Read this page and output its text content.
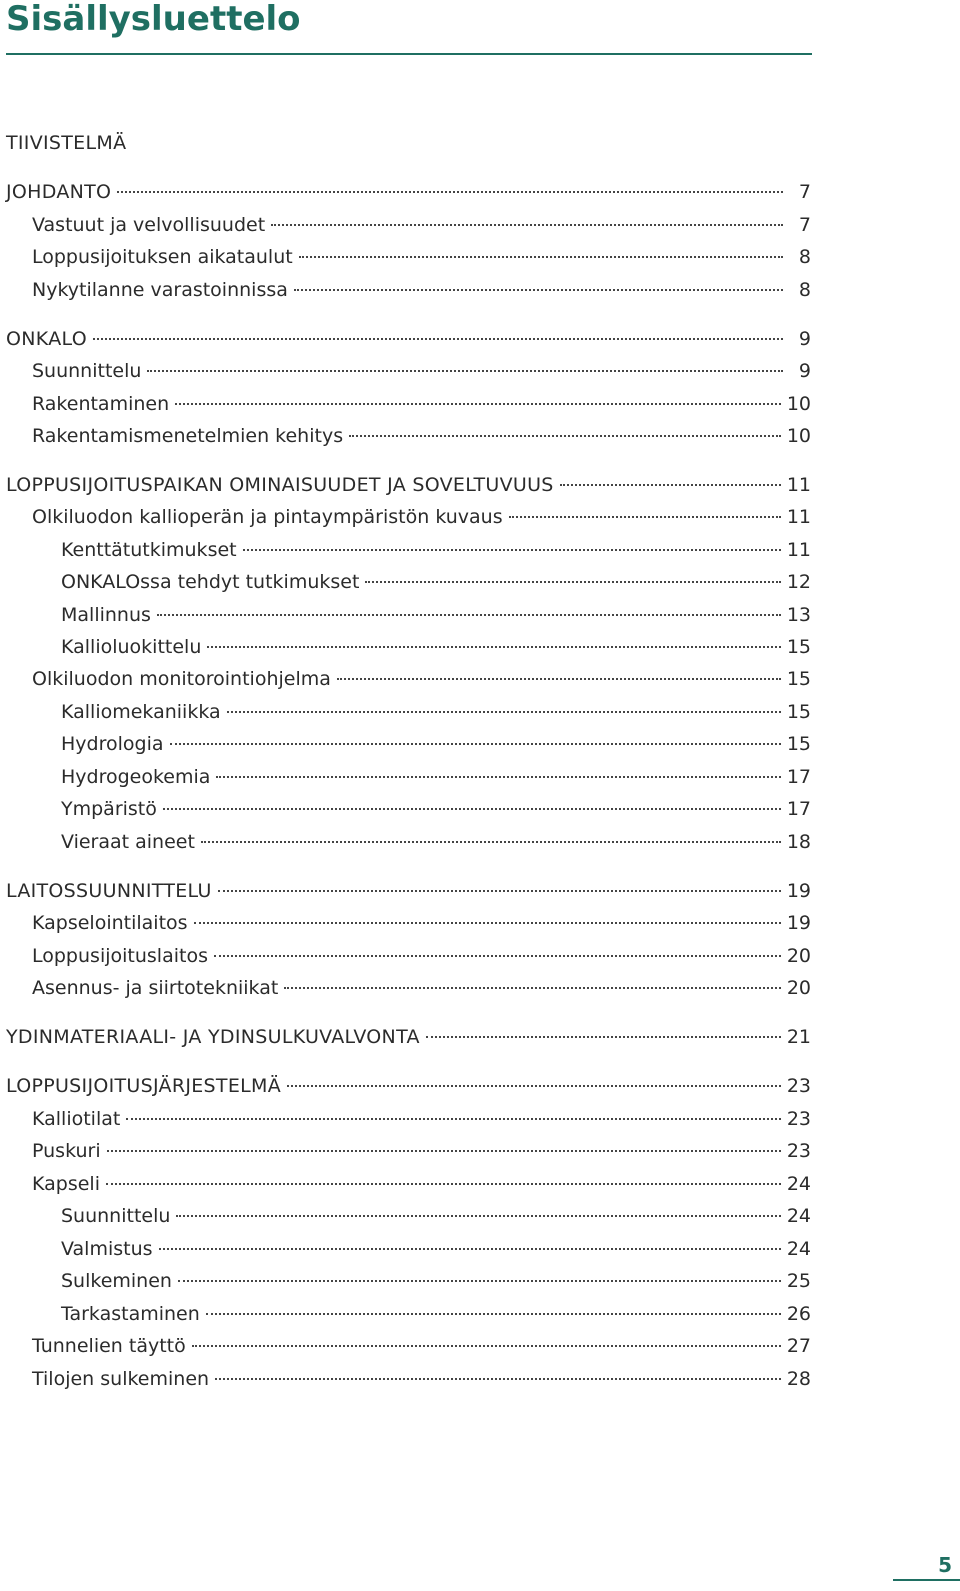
Sisällysluettelo
TIIVISTELMÄ
JOHDANTO	7
Vastuut ja velvollisuudet	7
Loppusijoituksen aikataulut	8
Nykytilanne varastoinnissa	8
ONKALO	9
Suunnittelu	9
Rakentaminen	10
Rakentamismenetelmien kehitys	10
LOPPUSIJOITUSPAIKAN OMINAISUUDET JA SOVELTUVUUS	11
Olkiluodon kallioperän ja pintaympäristön kuvaus	11
Kenttätutkimukset	11
ONKALOssa tehdyt tutkimukset	12
Mallinnus	13
Kallioluokittelu	15
Olkiluodon monitorointiohjelma	15
Kalliomekaniikka	15
Hydrologia	15
Hydrogeokemia	17
Ympäristö	17
Vieraat aineet	18
LAITOSSUUNNITTELU	19
Kapselointilaitos	19
Loppusijoituslaitos	20
Asennus- ja siirtotekniikat	20
YDINMATERIAALI- JA YDINSULKUVALVONTA	21
LOPPUSIJOITUSJÄRJESTELMÄ	23
Kalliotilat	23
Puskuri	23
Kapseli	24
Suunnittelu	24
Valmistus	24
Sulkeminen	25
Tarkastaminen	26
Tunnelien täyttö	27
Tilojen sulkeminen	28
5
